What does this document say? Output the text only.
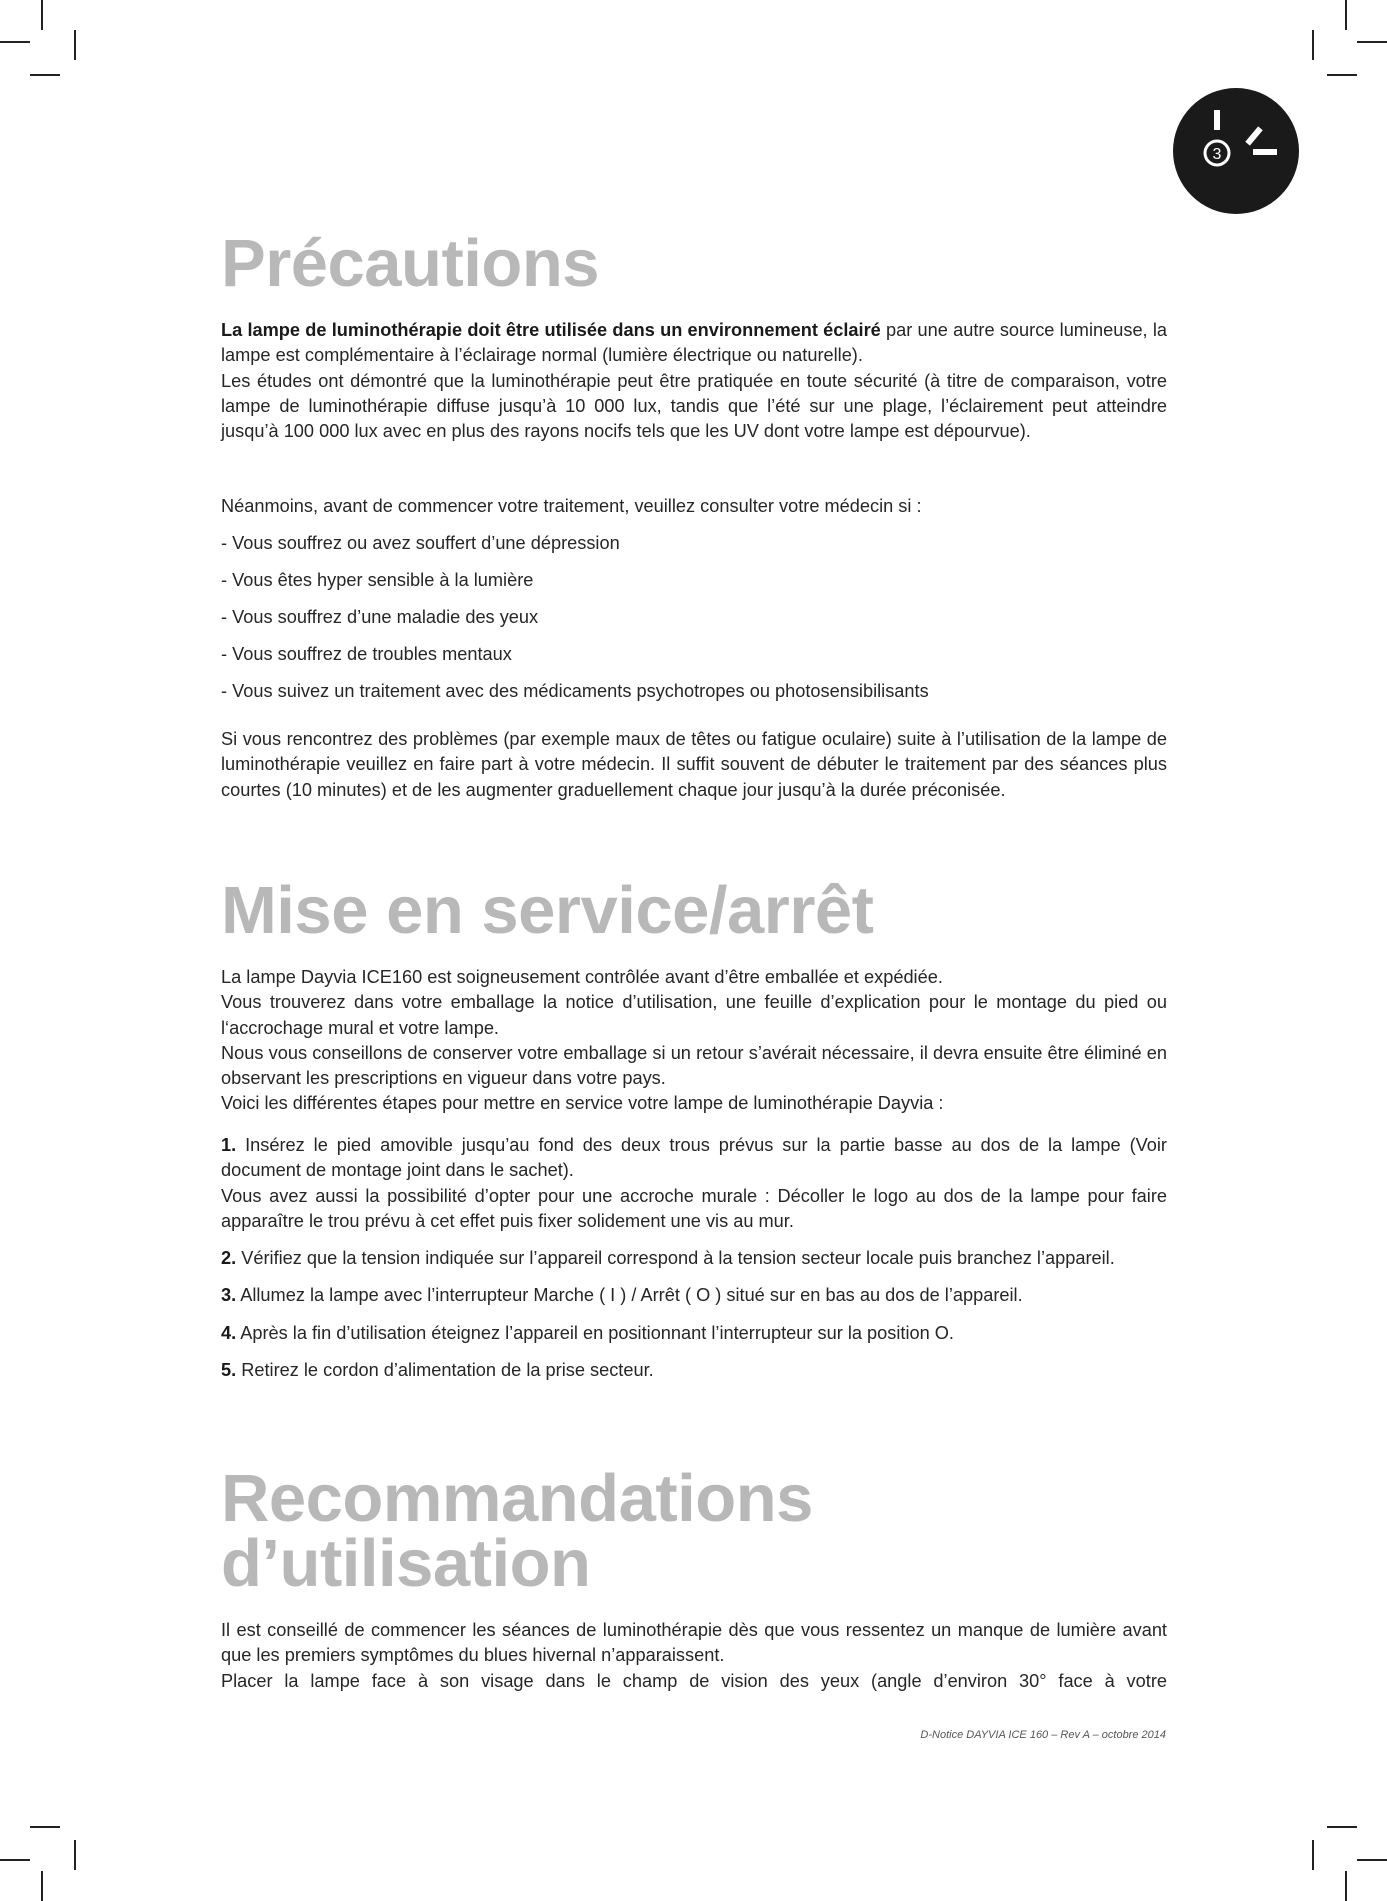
3
Précautions

La lampe de luminothérapie doit être utilisée dans un environnement éclairé par une autre source lumineuse, la lampe est complémentaire à l’éclairage normal (lumière électrique ou naturelle).

Les études ont démontré que la luminothérapie peut être pratiquée en toute sécurité (à titre de comparaison, votre lampe de luminothérapie diffuse jusqu’à 10 000 lux, tandis que l’été sur une plage, l’éclairement peut atteindre jusqu’à 100 000 lux avec en plus des rayons nocifs tels que les UV dont votre lampe est dépourvue).

Néanmoins, avant de commencer votre traitement, veuillez consulter votre médecin si :

- Vous souffrez ou avez souffert d’une dépression
- Vous êtes hyper sensible à la lumière
- Vous souffrez d’une maladie des yeux
- Vous souffrez de troubles mentaux
- Vous suivez un traitement avec des médicaments psychotropes ou photosensibilisants

Si vous rencontrez des problèmes (par exemple maux de têtes ou fatigue oculaire) suite à l’utilisation de la lampe de luminothérapie veuillez en faire part à votre médecin. Il suffit souvent de débuter le traitement par des séances plus courtes (10 minutes) et de les augmenter graduellement chaque jour jusqu’à la durée préconisée.

Mise en service/arrêt

La lampe Dayvia ICE160 est soigneusement contrôlée avant d’être emballée et expédiée.

Vous trouverez dans votre emballage la notice d’utilisation, une feuille d’explication pour le montage du pied ou l‘accrochage mural et votre lampe.

Nous vous conseillons de conserver votre emballage si un retour s’avérait nécessaire, il devra ensuite être éliminé en observant les prescriptions en vigueur dans votre pays.

Voici les différentes étapes pour mettre en service votre lampe de luminothérapie Dayvia :

1. Insérez le pied amovible jusqu’au fond des deux trous prévus sur la partie basse au dos de la lampe (Voir document de montage joint dans le sachet).

Vous avez aussi la possibilité d’opter pour une accroche murale : Décoller le logo au dos de la lampe pour faire apparaître le trou prévu à cet effet puis fixer solidement une vis au mur.

2. Vérifiez que la tension indiquée sur l’appareil correspond à la tension secteur locale puis branchez l’appareil.

3. Allumez la lampe avec l’interrupteur Marche ( I ) / Arrêt ( O ) situé sur en bas au dos de l’appareil.

4. Après la fin d’utilisation éteignez l’appareil en positionnant l’interrupteur sur la position O.

5. Retirez le cordon d’alimentation de la prise secteur.

Recommandations
d’utilisation

Il est conseillé de commencer les séances de luminothérapie dès que vous ressentez un manque de lumière avant que les premiers symptômes du blues hivernal n’apparaissent.

Placer la lampe face à son visage dans le champ de vision des yeux (angle d’environ 30° face à votre

D-Notice DAYVIA ICE 160 – Rev A – octobre 2014
